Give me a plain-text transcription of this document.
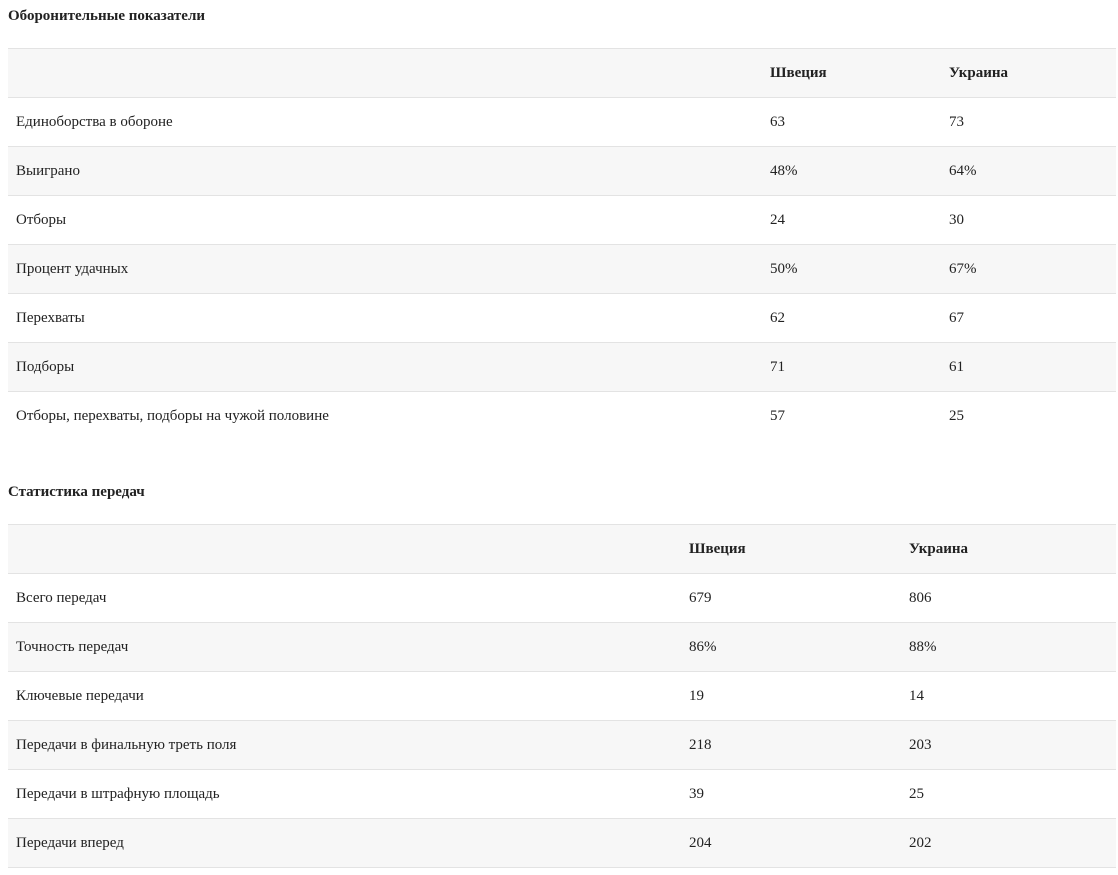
Оборонительные показатели
	Швеция	Украина
Единоборства в обороне	63	73
Выиграно	48%	64%
Отборы	24	30
Процент удачных	50%	67%
Перехваты	62	67
Подборы	71	61
Отборы, перехваты, подборы на чужой половине	57	25
Статистика передач
	Швеция	Украина
Всего передач	679	806
Точность передач	86%	88%
Ключевые передачи	19	14
Передачи в финальную треть поля	218	203
Передачи в штрафную площадь	39	25
Передачи вперед	204	202
